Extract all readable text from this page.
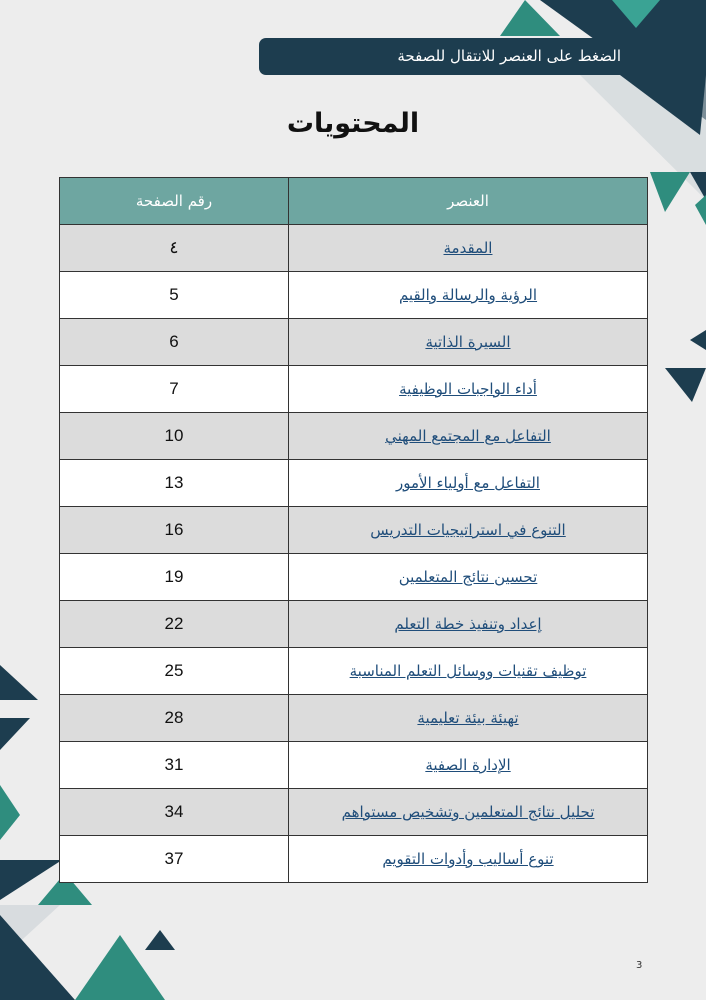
الضغط على العنصر للانتقال للصفحة
المحتويات
العنصر	رقم الصفحة
المقدمة	٤
الرؤية والرسالة والقيم	5
السيرة الذاتية	6
أداء الواجبات الوظيفية	7
التفاعل مع المجتمع المهني	10
التفاعل مع أولياء الأمور	13
التنوع في استراتيجيات التدريس	16
تحسين نتائج المتعلمين	19
إعداد وتنفيذ خطة التعلم	22
توظيف تقنيات ووسائل التعلم المناسبة	25
تهيئة بيئة تعليمية	28
الإدارة الصفية	31
تحليل نتائج المتعلمين وتشخيص مستواهم	34
تنوع أساليب وأدوات التقويم	37
3
